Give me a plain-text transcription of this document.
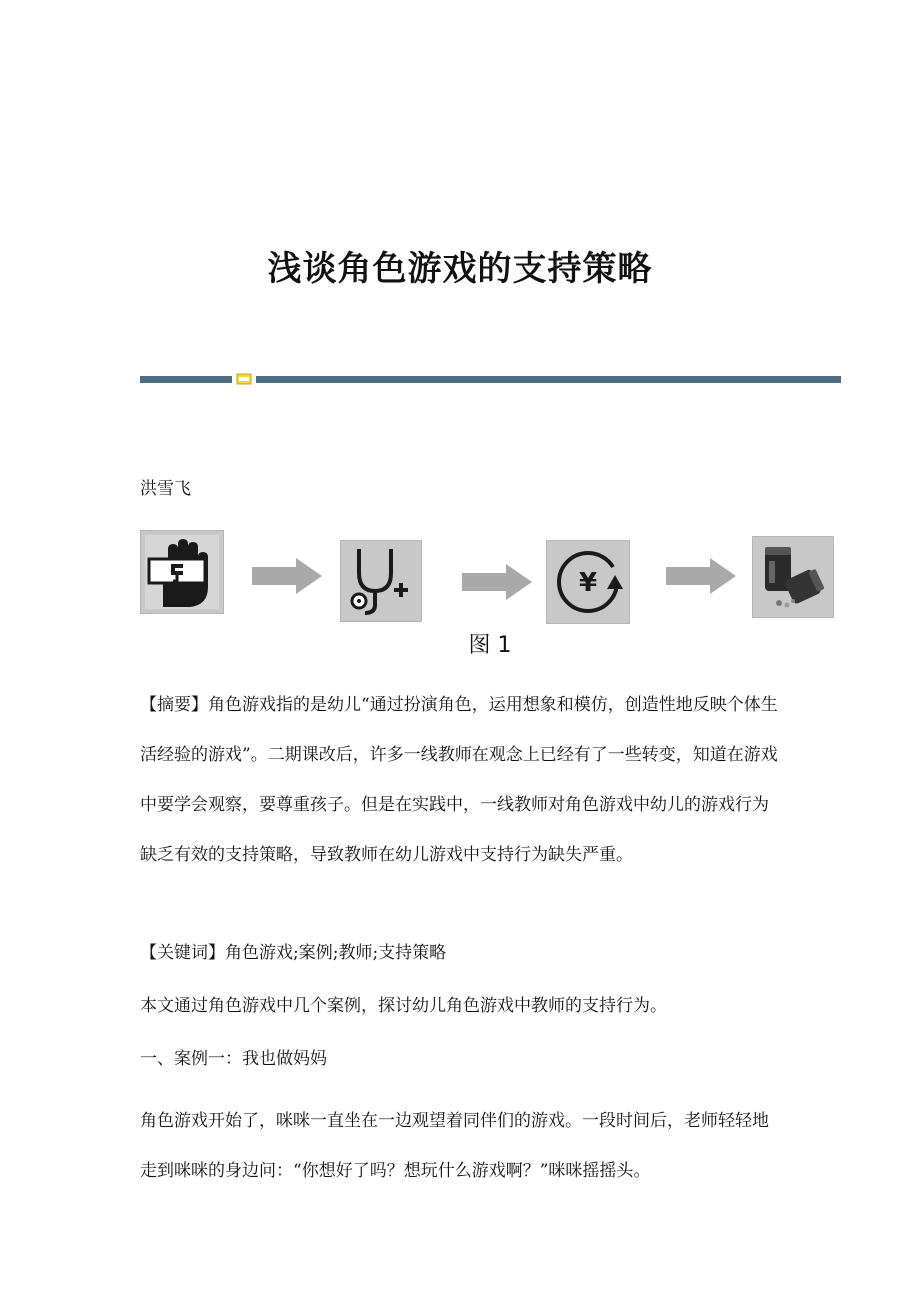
浅谈角色游戏的支持策略
洪雪飞
¥
图 1

【摘要】角色游戏指的是幼儿“通过扮演角色，运用想象和模仿，创造性地反映个体生活经验的游戏”。二期课改后，许多一线教师在观念上已经有了一些转变，知道在游戏中要学会观察，要尊重孩子。但是在实践中，一线教师对角色游戏中幼儿的游戏行为缺乏有效的支持策略，导致教师在幼儿游戏中支持行为缺失严重。

【关键词】角色游戏;案例;教师;支持策略

本文通过角色游戏中几个案例，探讨幼儿角色游戏中教师的支持行为。

一、案例一：我也做妈妈

角色游戏开始了，咪咪一直坐在一边观望着同伴们的游戏。一段时间后，老师轻轻地走到咪咪的身边问：“你想好了吗？想玩什么游戏啊？”咪咪摇摇头。
